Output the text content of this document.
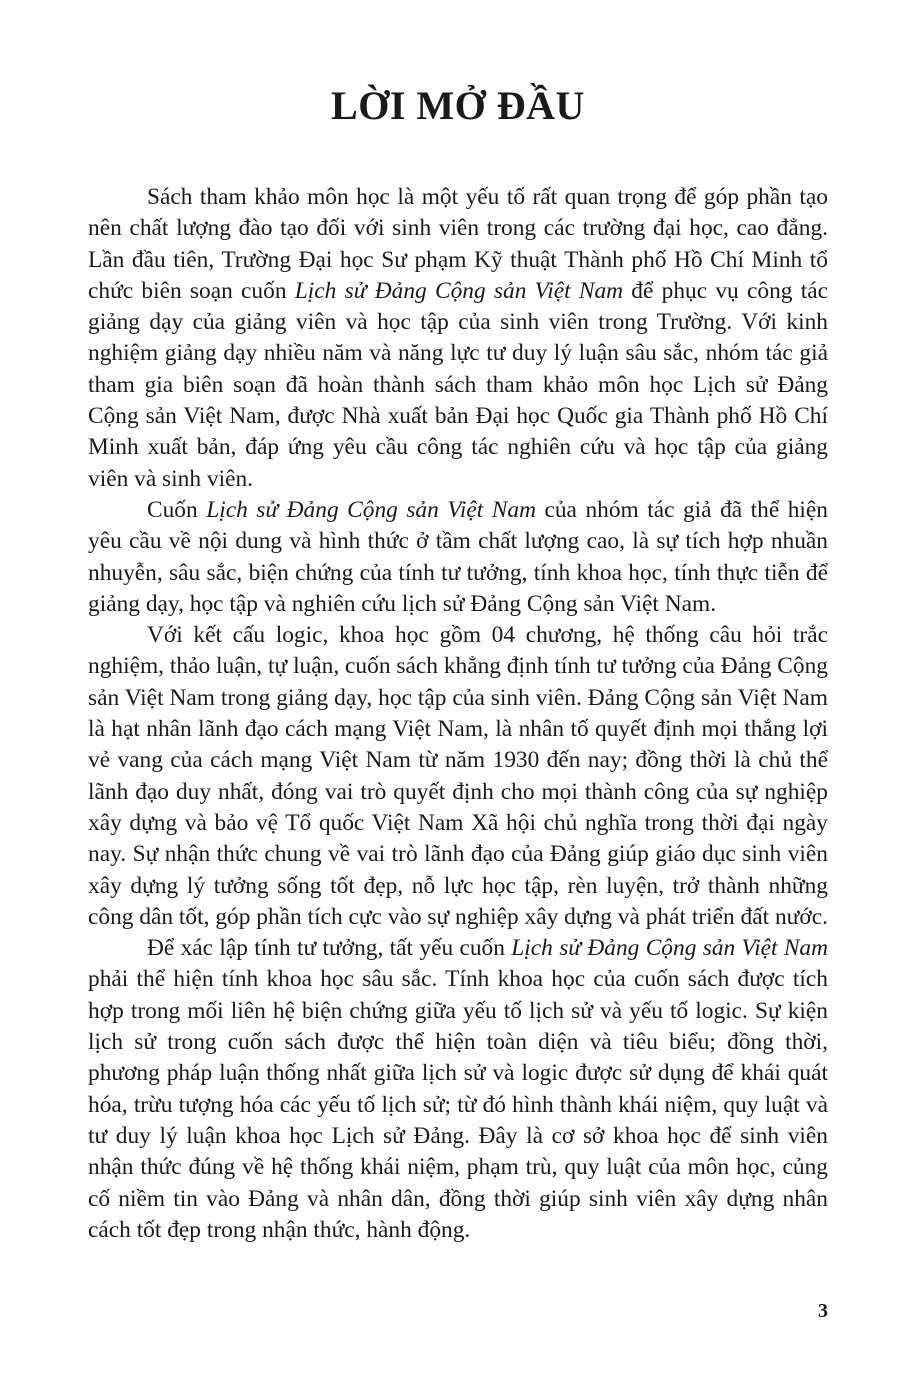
LỜI MỞ ĐẦU

Sách tham khảo môn học là một yếu tố rất quan trọng để góp phần tạo nên chất lượng đào tạo đối với sinh viên trong các trường đại học, cao đẳng. Lần đầu tiên, Trường Đại học Sư phạm Kỹ thuật Thành phố Hồ Chí Minh tổ chức biên soạn cuốn Lịch sử Đảng Cộng sản Việt Nam để phục vụ công tác giảng dạy của giảng viên và học tập của sinh viên trong Trường. Với kinh nghiệm giảng dạy nhiều năm và năng lực tư duy lý luận sâu sắc, nhóm tác giả tham gia biên soạn đã hoàn thành sách tham khảo môn học Lịch sử Đảng Cộng sản Việt Nam, được Nhà xuất bản Đại học Quốc gia Thành phố Hồ Chí Minh xuất bản, đáp ứng yêu cầu công tác nghiên cứu và học tập của giảng viên và sinh viên.

Cuốn Lịch sử Đảng Cộng sản Việt Nam của nhóm tác giả đã thể hiện yêu cầu về nội dung và hình thức ở tầm chất lượng cao, là sự tích hợp nhuần nhuyễn, sâu sắc, biện chứng của tính tư tưởng, tính khoa học, tính thực tiễn để giảng dạy, học tập và nghiên cứu lịch sử Đảng Cộng sản Việt Nam.

Với kết cấu logic, khoa học gồm 04 chương, hệ thống câu hỏi trắc nghiệm, thảo luận, tự luận, cuốn sách khẳng định tính tư tưởng của Đảng Cộng sản Việt Nam trong giảng dạy, học tập của sinh viên. Đảng Cộng sản Việt Nam là hạt nhân lãnh đạo cách mạng Việt Nam, là nhân tố quyết định mọi thắng lợi vẻ vang của cách mạng Việt Nam từ năm 1930 đến nay; đồng thời là chủ thể lãnh đạo duy nhất, đóng vai trò quyết định cho mọi thành công của sự nghiệp xây dựng và bảo vệ Tổ quốc Việt Nam Xã hội chủ nghĩa trong thời đại ngày nay. Sự nhận thức chung về vai trò lãnh đạo của Đảng giúp giáo dục sinh viên xây dựng lý tưởng sống tốt đẹp, nỗ lực học tập, rèn luyện, trở thành những công dân tốt, góp phần tích cực vào sự nghiệp xây dựng và phát triển đất nước.

Để xác lập tính tư tưởng, tất yếu cuốn Lịch sử Đảng Cộng sản Việt Nam phải thể hiện tính khoa học sâu sắc. Tính khoa học của cuốn sách được tích hợp trong mối liên hệ biện chứng giữa yếu tố lịch sử và yếu tố logic. Sự kiện lịch sử trong cuốn sách được thể hiện toàn diện và tiêu biểu; đồng thời, phương pháp luận thống nhất giữa lịch sử và logic được sử dụng để khái quát hóa, trừu tượng hóa các yếu tố lịch sử; từ đó hình thành khái niệm, quy luật và tư duy lý luận khoa học Lịch sử Đảng. Đây là cơ sở khoa học để sinh viên nhận thức đúng về hệ thống khái niệm, phạm trù, quy luật của môn học, củng cố niềm tin vào Đảng và nhân dân, đồng thời giúp sinh viên xây dựng nhân cách tốt đẹp trong nhận thức, hành động.

3
